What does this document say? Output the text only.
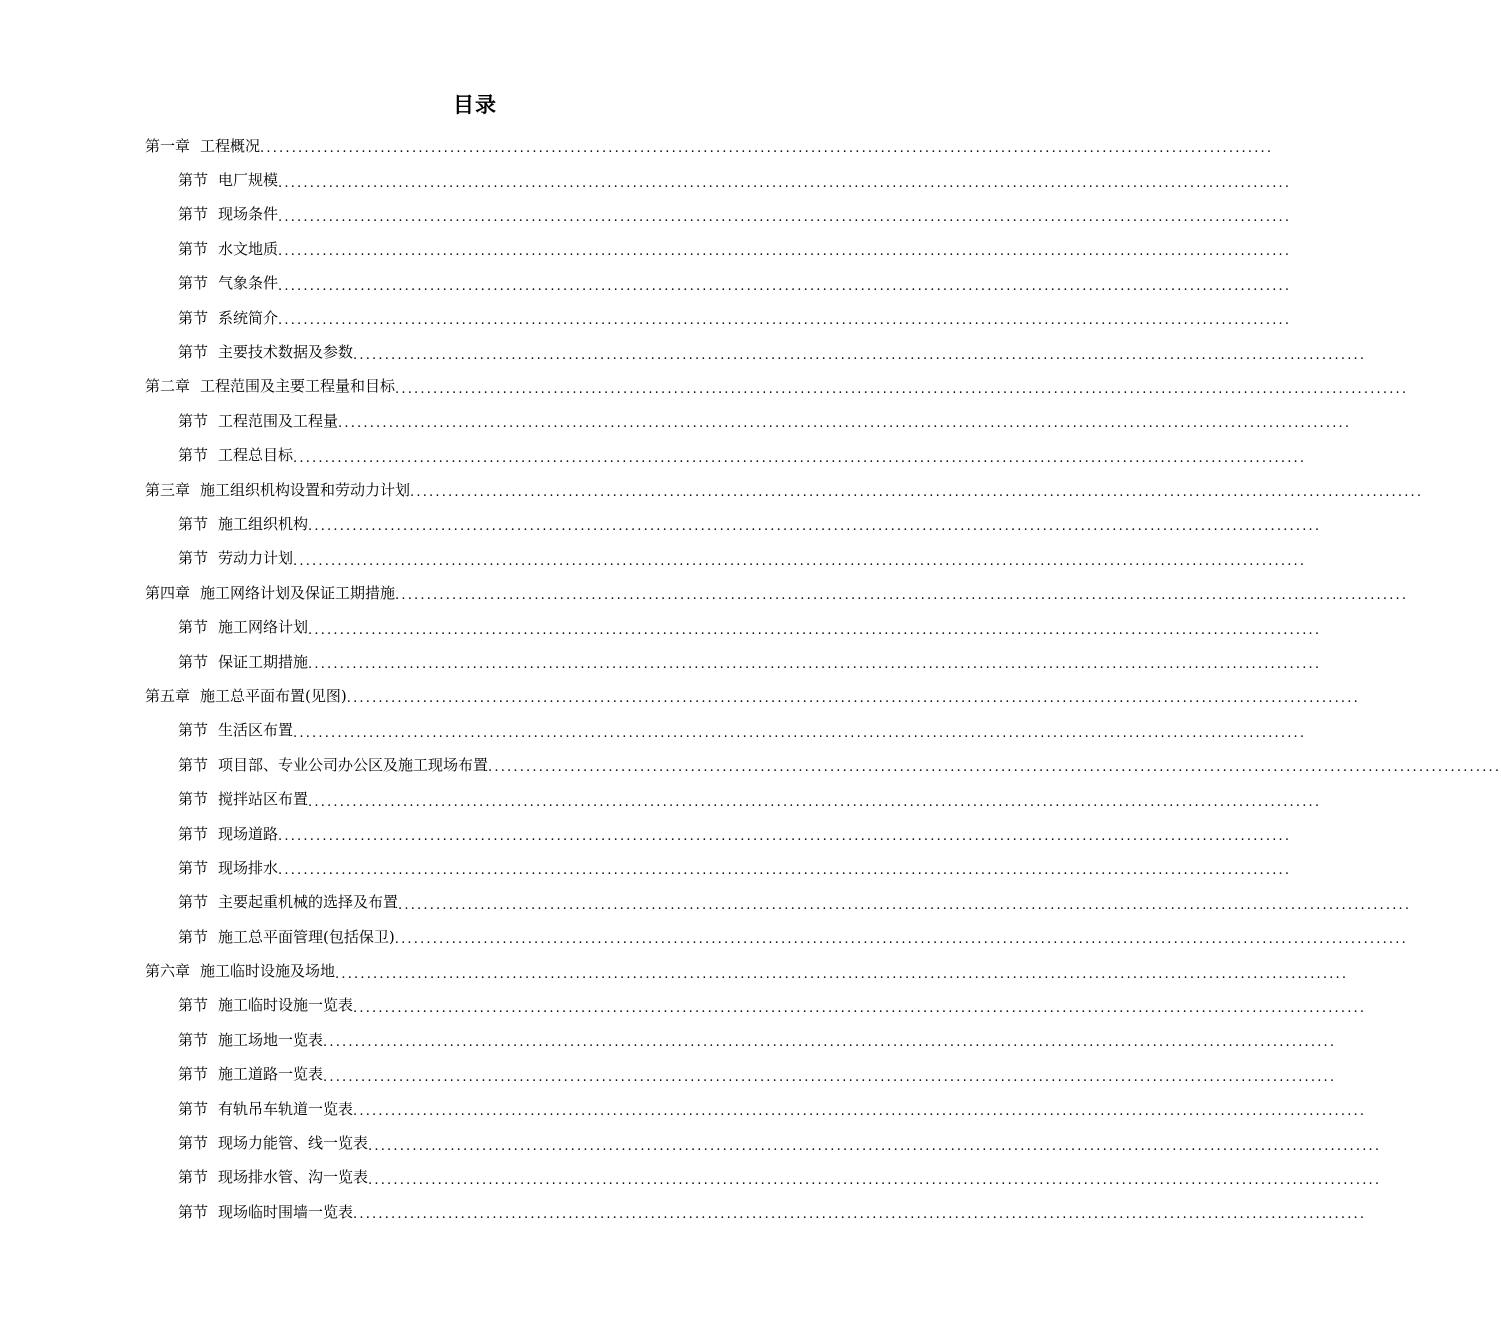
目录
第一章 工程概况 ................................................................................................................................................................
第节 电厂规模 ................................................................................................................................................................
第节 现场条件 ................................................................................................................................................................
第节 水文地质 ................................................................................................................................................................
第节 气象条件 ................................................................................................................................................................
第节 系统简介 ................................................................................................................................................................
第节 主要技术数据及参数 ................................................................................................................................................................
第二章 工程范围及主要工程量和目标 ................................................................................................................................................................
第节 工程范围及工程量 ................................................................................................................................................................
第节 工程总目标 ................................................................................................................................................................
第三章 施工组织机构设置和劳动力计划 ................................................................................................................................................................
第节 施工组织机构 ................................................................................................................................................................
第节 劳动力计划 ................................................................................................................................................................
第四章 施工网络计划及保证工期措施 ................................................................................................................................................................
第节 施工网络计划 ................................................................................................................................................................
第节 保证工期措施 ................................................................................................................................................................
第五章 施工总平面布置(见图) ................................................................................................................................................................
第节 生活区布置 ................................................................................................................................................................
第节 项目部、专业公司办公区及施工现场布置 ................................................................................................................................................................
第节 搅拌站区布置 ................................................................................................................................................................
第节 现场道路 ................................................................................................................................................................
第节 现场排水 ................................................................................................................................................................
第节 主要起重机械的选择及布置 ................................................................................................................................................................
第节 施工总平面管理(包括保卫) ................................................................................................................................................................
第六章 施工临时设施及场地 ................................................................................................................................................................
第节 施工临时设施一览表 ................................................................................................................................................................
第节 施工场地一览表 ................................................................................................................................................................
第节 施工道路一览表 ................................................................................................................................................................
第节 有轨吊车轨道一览表 ................................................................................................................................................................
第节 现场力能管、线一览表 ................................................................................................................................................................
第节 现场排水管、沟一览表 ................................................................................................................................................................
第节 现场临时围墙一览表 ................................................................................................................................................................
